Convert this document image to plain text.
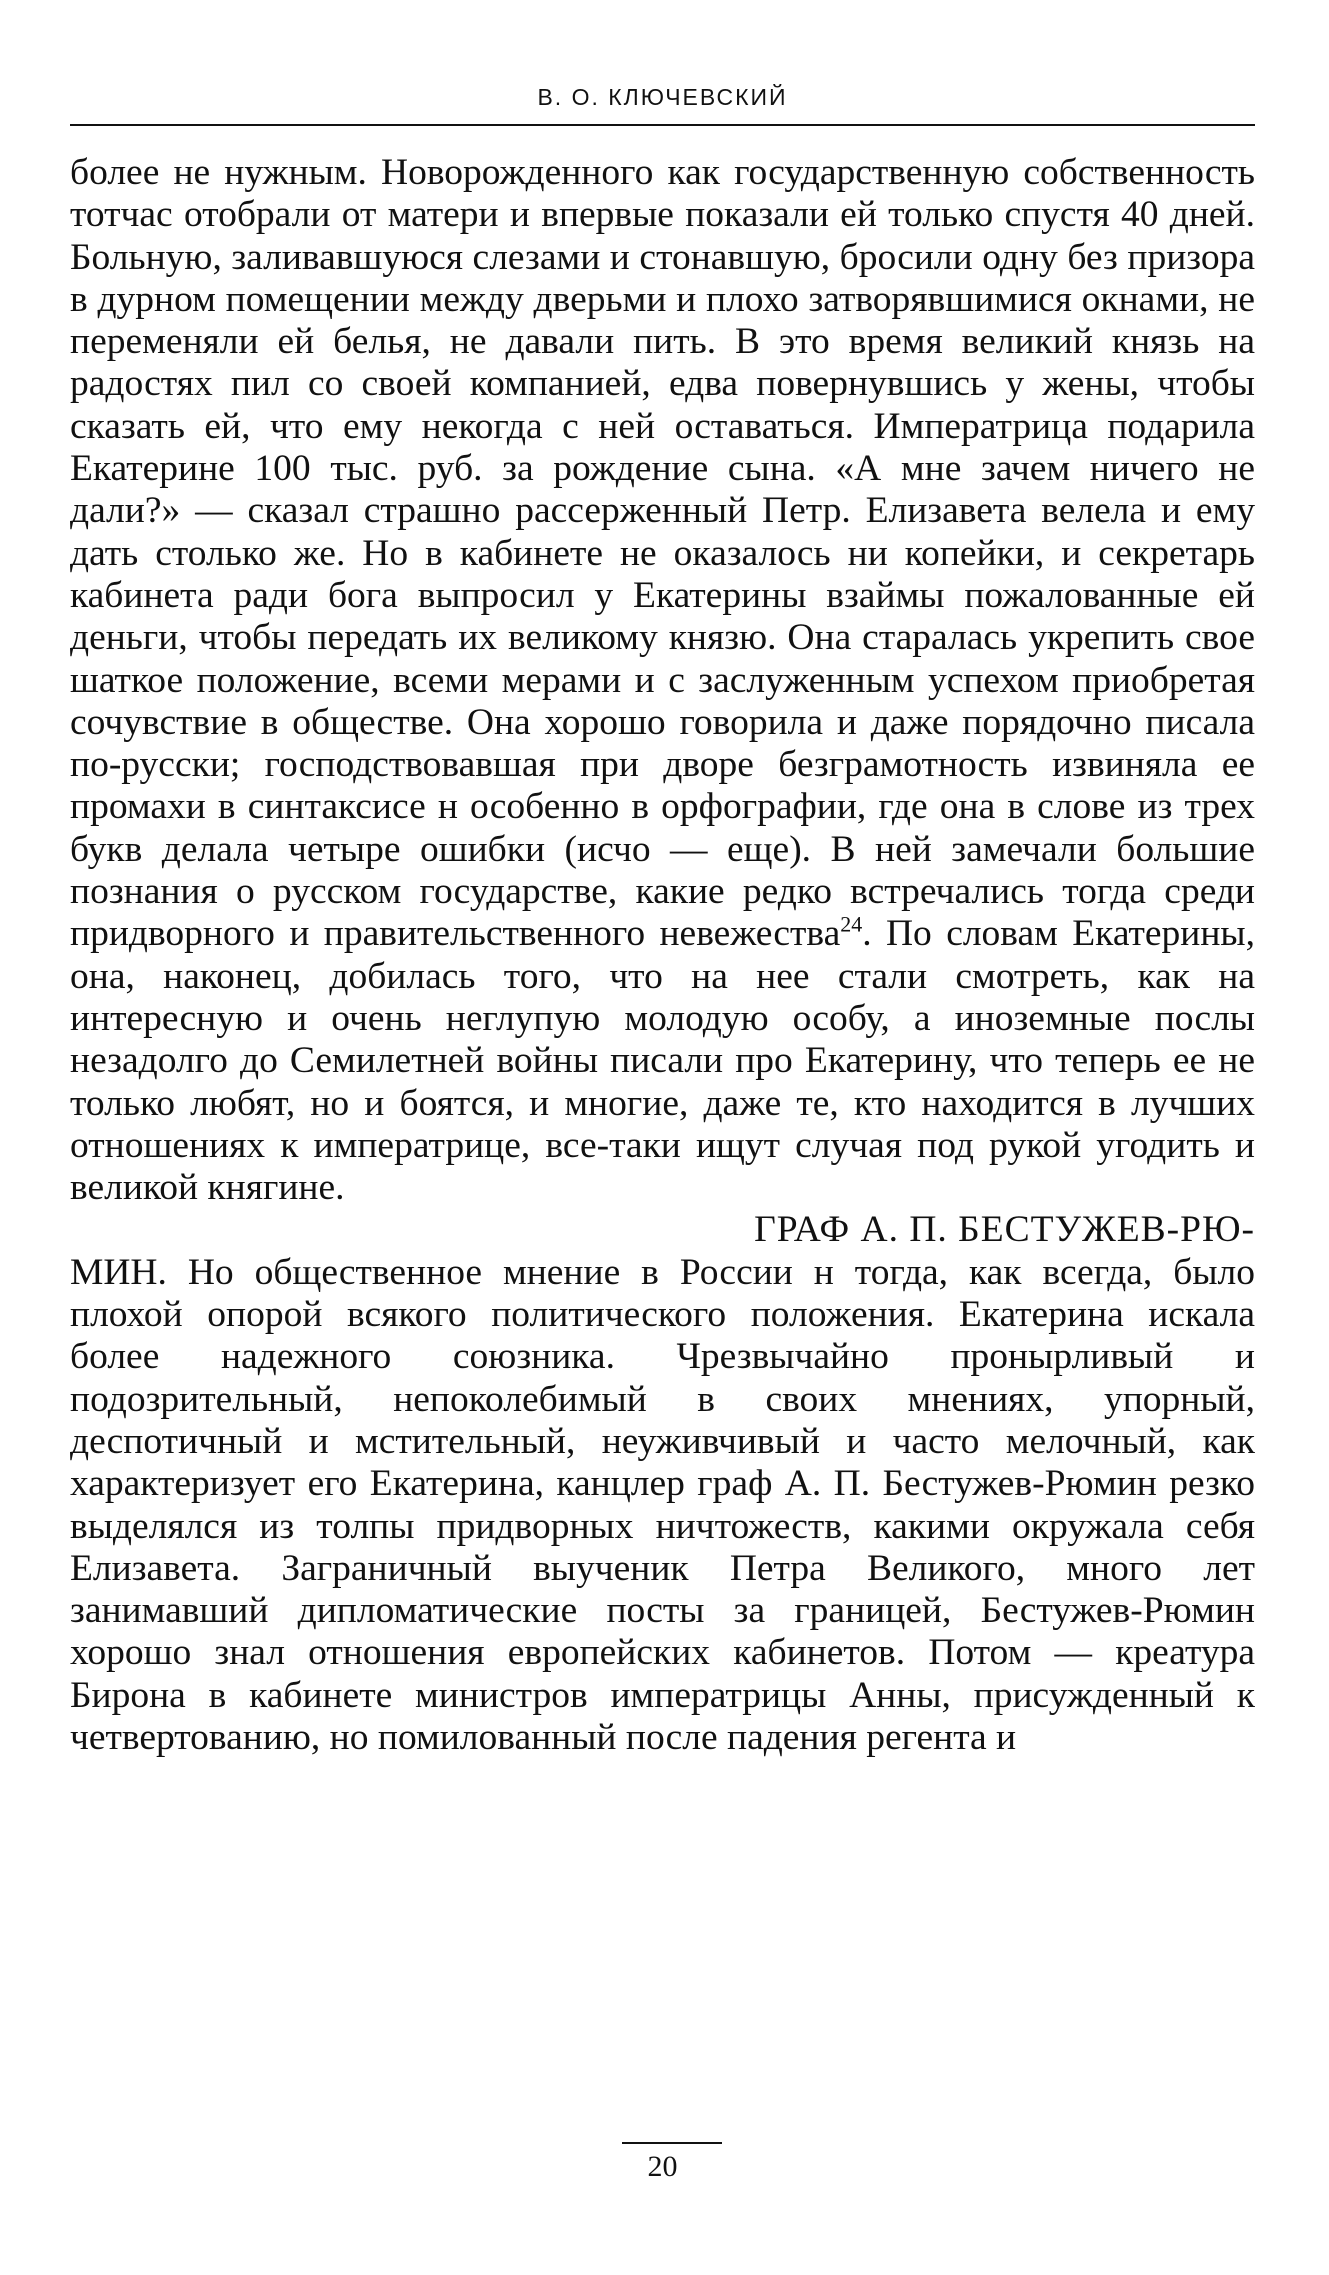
В. О. КЛЮЧЕВСКИЙ

более не нужным. Новорожденного как государственную собственность тотчас отобрали от матери и впервые показали ей только спустя 40 дней. Больную, заливавшуюся слезами и стонавшую, бросили одну без призора в дурном помещении между дверьми и плохо затворявшимися окнами, не переменяли ей белья, не давали пить. В это время великий князь на радостях пил со своей компанией, едва повернувшись у жены, чтобы сказать ей, что ему некогда с ней оставаться. Императрица подарила Екатерине 100 тыс. руб. за рождение сына. «А мне зачем ничего не дали?» — сказал страшно рассерженный Петр. Елизавета велела и ему дать столько же. Но в кабинете не оказалось ни копейки, и секретарь кабинета ради бога выпросил у Екатерины взаймы пожалованные ей деньги, чтобы передать их великому князю. Она старалась укрепить свое шаткое положение, всеми мерами и с заслуженным успехом приобретая сочувствие в обществе. Она хорошо говорила и даже порядочно писала по-русски; господствовавшая при дворе безграмотность извиняла ее промахи в синтаксисе н особенно в орфографии, где она в слове из трех букв делала четыре ошибки (исчо — еще). В ней замечали большие познания о русском государстве, какие редко встречались тогда среди придворного и правительственного невежества$^{24}$. По словам Екатерины, она, наконец, добилась того, что на нее стали смотреть, как на интересную и очень неглупую молодую особу, а иноземные послы незадолго до Семилетней войны писали про Екатерину, что теперь ее не только любят, но и боятся, и многие, даже те, кто находится в лучших отношениях к императрице, все-таки ищут случая под рукой угодить и великой княгине.

ГРАФ А. П. БЕСТУЖЕВ-РЮ-
МИН. Но общественное мнение в России н тогда, как всегда, было плохой опорой всякого политического положения. Екатерина искала более надежного союзника. Чрезвычайно пронырливый и подозрительный, непоколебимый в своих мнениях, упорный, деспотичный и мстительный, неуживчивый и часто мелочный, как характеризует его Екатерина, канцлер граф А. П. Бестужев-Рюмин резко выделялся из толпы придворных ничтожеств, какими окружала себя Елизавета. Заграничный выученик Петра Великого, много лет занимавший дипломатические посты за границей, Бестужев-Рюмин хорошо знал отношения европейских кабинетов. Потом — креатура Бирона в кабинете министров императрицы Анны, присужденный к четвертованию, но помилованный после падения регента и

20
